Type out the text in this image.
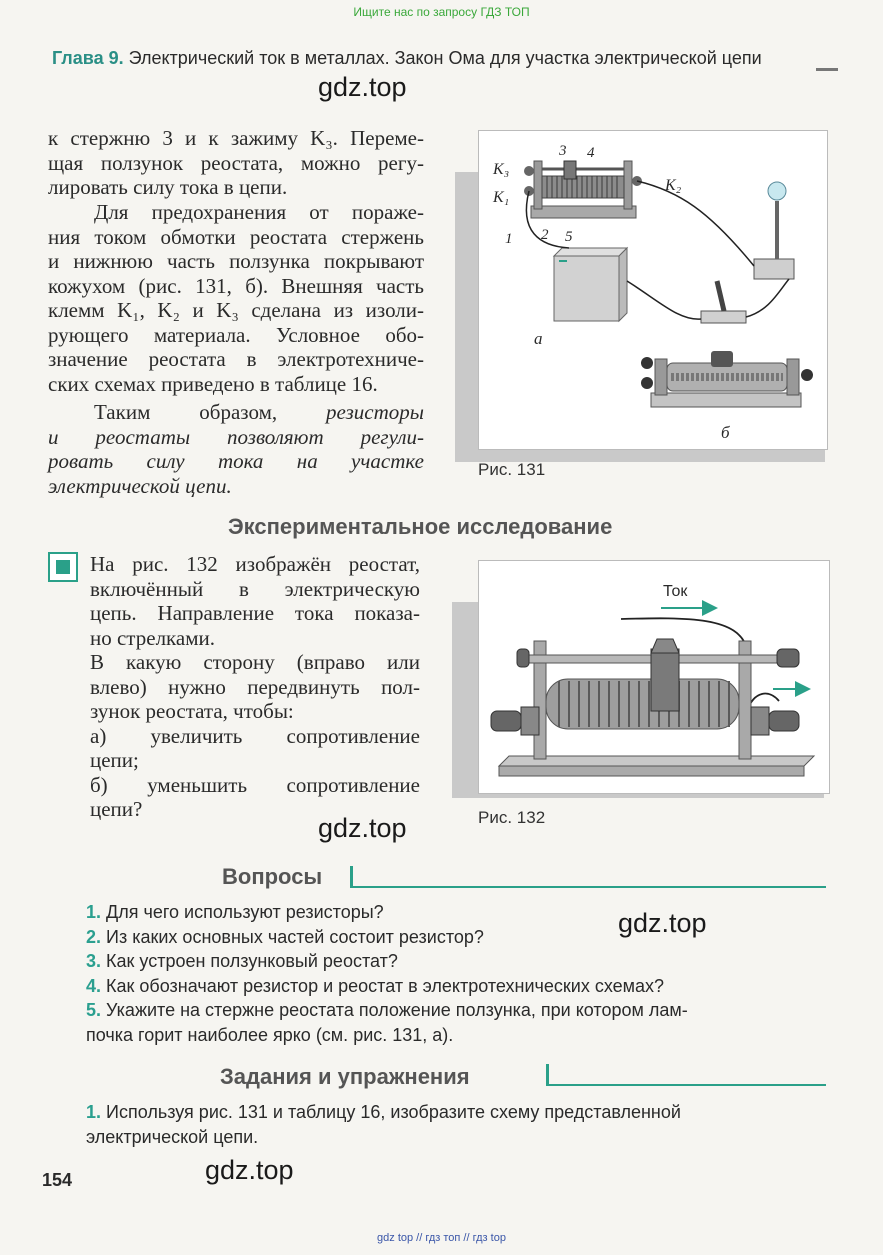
Ищите нас по запросу ГДЗ ТОП
Глава 9. Электрический ток в металлах. Закон Ома для участка электрической цепи
gdz.top
gdz.top
gdz.top
gdz.top

к стержню 3 и к зажиму K₃. Переме-

щая ползунок реостата, можно регу-

лировать силу тока в цепи.

Для предохранения от пораже-

ния током обмотки реостата стержень

и нижнюю часть ползунка покрывают

кожухом (рис. 131, б). Внешняя часть

клемм K₁, K₂ и K₃ сделана из изоли-

рующего материала. Условное обо-

значение реостата в электротехниче-

ских схемах приведено в таблице 16.

Таким образом, резисторы

и реостаты позволяют регули-

ровать силу тока на участке

электрической цепи.

K₃
K₁
K₂
3 4
1 2 5
а
б
Рис. 131
Экспериментальное исследование

На рис. 132 изображён реостат,

включённый в электрическую

цепь. Направление тока показа-

но стрелками.

В какую сторону (вправо или

влево) нужно передвинуть пол-

зунок реостата, чтобы:

а) увеличить сопротивление

цепи;

б) уменьшить сопротивление

цепи?

Ток
Рис. 132
Вопросы
1. Для чего используют резисторы?
2. Из каких основных частей состоит резистор?
3. Как устроен ползунковый реостат?
4. Как обозначают резистор и реостат в электротехнических схемах?
5. Укажите на стержне реостата положение ползунка, при котором лам-
почка горит наиболее ярко (см. рис. 131, а).
Задания и упражнения
1. Используя рис. 131 и таблицу 16, изобразите схему представленной
электрической цепи.
154
gdz top // гдз топ // гдз top
